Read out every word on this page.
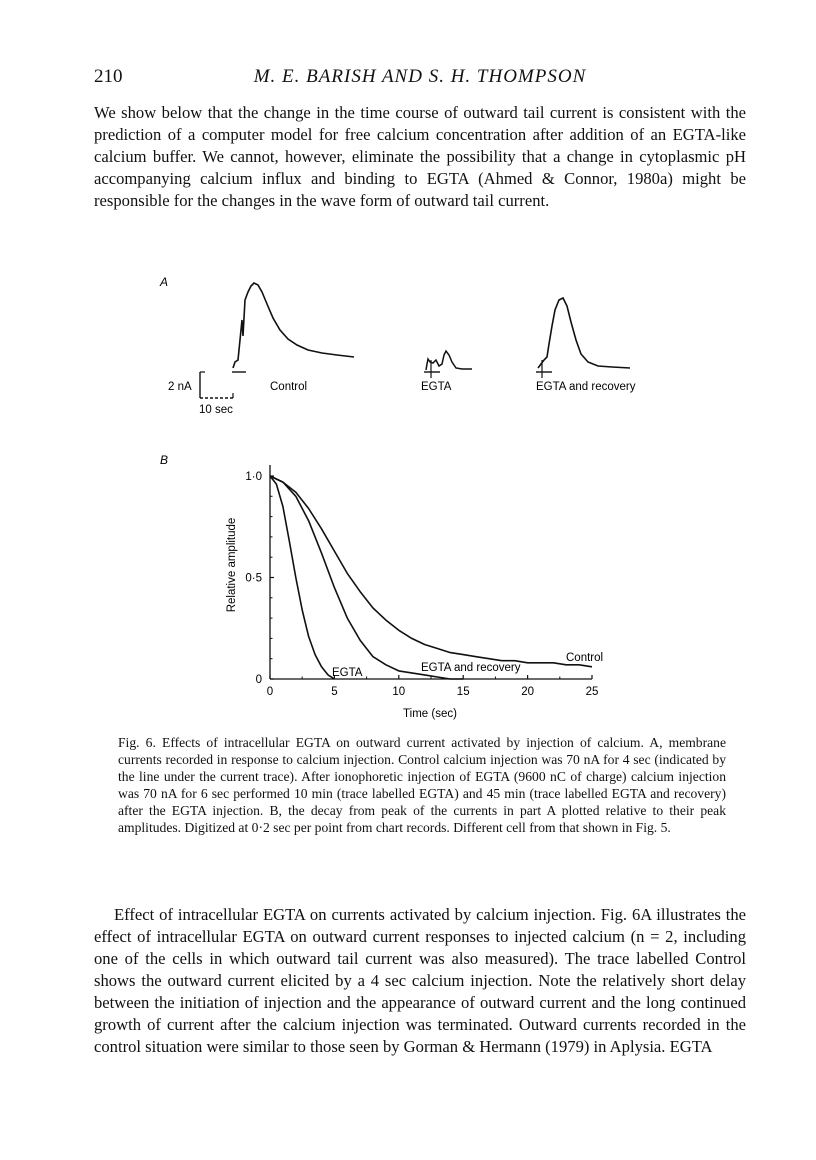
210	M. E. BARISH AND S. H. THOMPSON

We show below that the change in the time course of outward tail current is consistent with the prediction of a computer model for free calcium concentration after addition of an EGTA-like calcium buffer. We cannot, however, eliminate the possibility that a change in cytoplasmic pH accompanying calcium influx and binding to EGTA (Ahmed & Connor, 1980a) might be responsible for the changes in the wave form of outward tail current.

A
2 nA
10 sec
Control	EGTA	EGTA and recovery
B
0	5	10	15	20	25
0
0·5
1·0
Time (sec)
Relative amplitude
EGTA	EGTA and recovery
Control

Fig. 6. Effects of intracellular EGTA on outward current activated by injection of calcium. A, membrane currents recorded in response to calcium injection. Control calcium injection was 70 nA for 4 sec (indicated by the line under the current trace). After ionophoretic injection of EGTA (9600 nC of charge) calcium injection was 70 nA for 6 sec performed 10 min (trace labelled EGTA) and 45 min (trace labelled EGTA and recovery) after the EGTA injection. B, the decay from peak of the currents in part A plotted relative to their peak amplitudes. Digitized at 0·2 sec per point from chart records. Different cell from that shown in Fig. 5.

Effect of intracellular EGTA on currents activated by calcium injection. Fig. 6A illustrates the effect of intracellular EGTA on outward current responses to injected calcium (n = 2, including one of the cells in which outward tail current was also measured). The trace labelled Control shows the outward current elicited by a 4 sec calcium injection. Note the relatively short delay between the initiation of injection and the appearance of outward current and the long continued growth of current after the calcium injection was terminated. Outward currents recorded in the control situation were similar to those seen by Gorman & Hermann (1979) in Aplysia. EGTA
